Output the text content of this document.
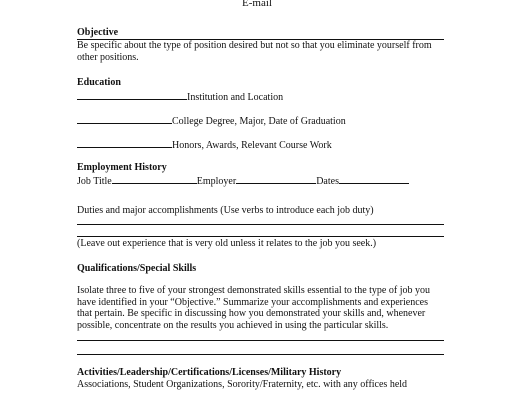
E-mail
Objective
Be specific about the type of position desired but not so that you eliminate yourself from
other positions.
Education
Institution and Location
College Degree, Major, Date of Graduation
Honors, Awards, Relevant Course Work
Employment History
Job Title	Employer	Dates
Duties and major accomplishments (Use verbs to introduce each job duty)
(Leave out experience that is very old unless it relates to the job you seek.)
Qualifications/Special Skills
Isolate three to five of your strongest demonstrated skills essential to the type of job you
have identified in your “Objective.” Summarize your accomplishments and experiences
that pertain. Be specific in discussing how you demonstrated your skills and, whenever
possible, concentrate on the results you achieved in using the particular skills.
Activities/Leadership/Certifications/Licenses/Military History
Associations, Student Organizations, Sorority/Fraternity, etc. with any offices held
